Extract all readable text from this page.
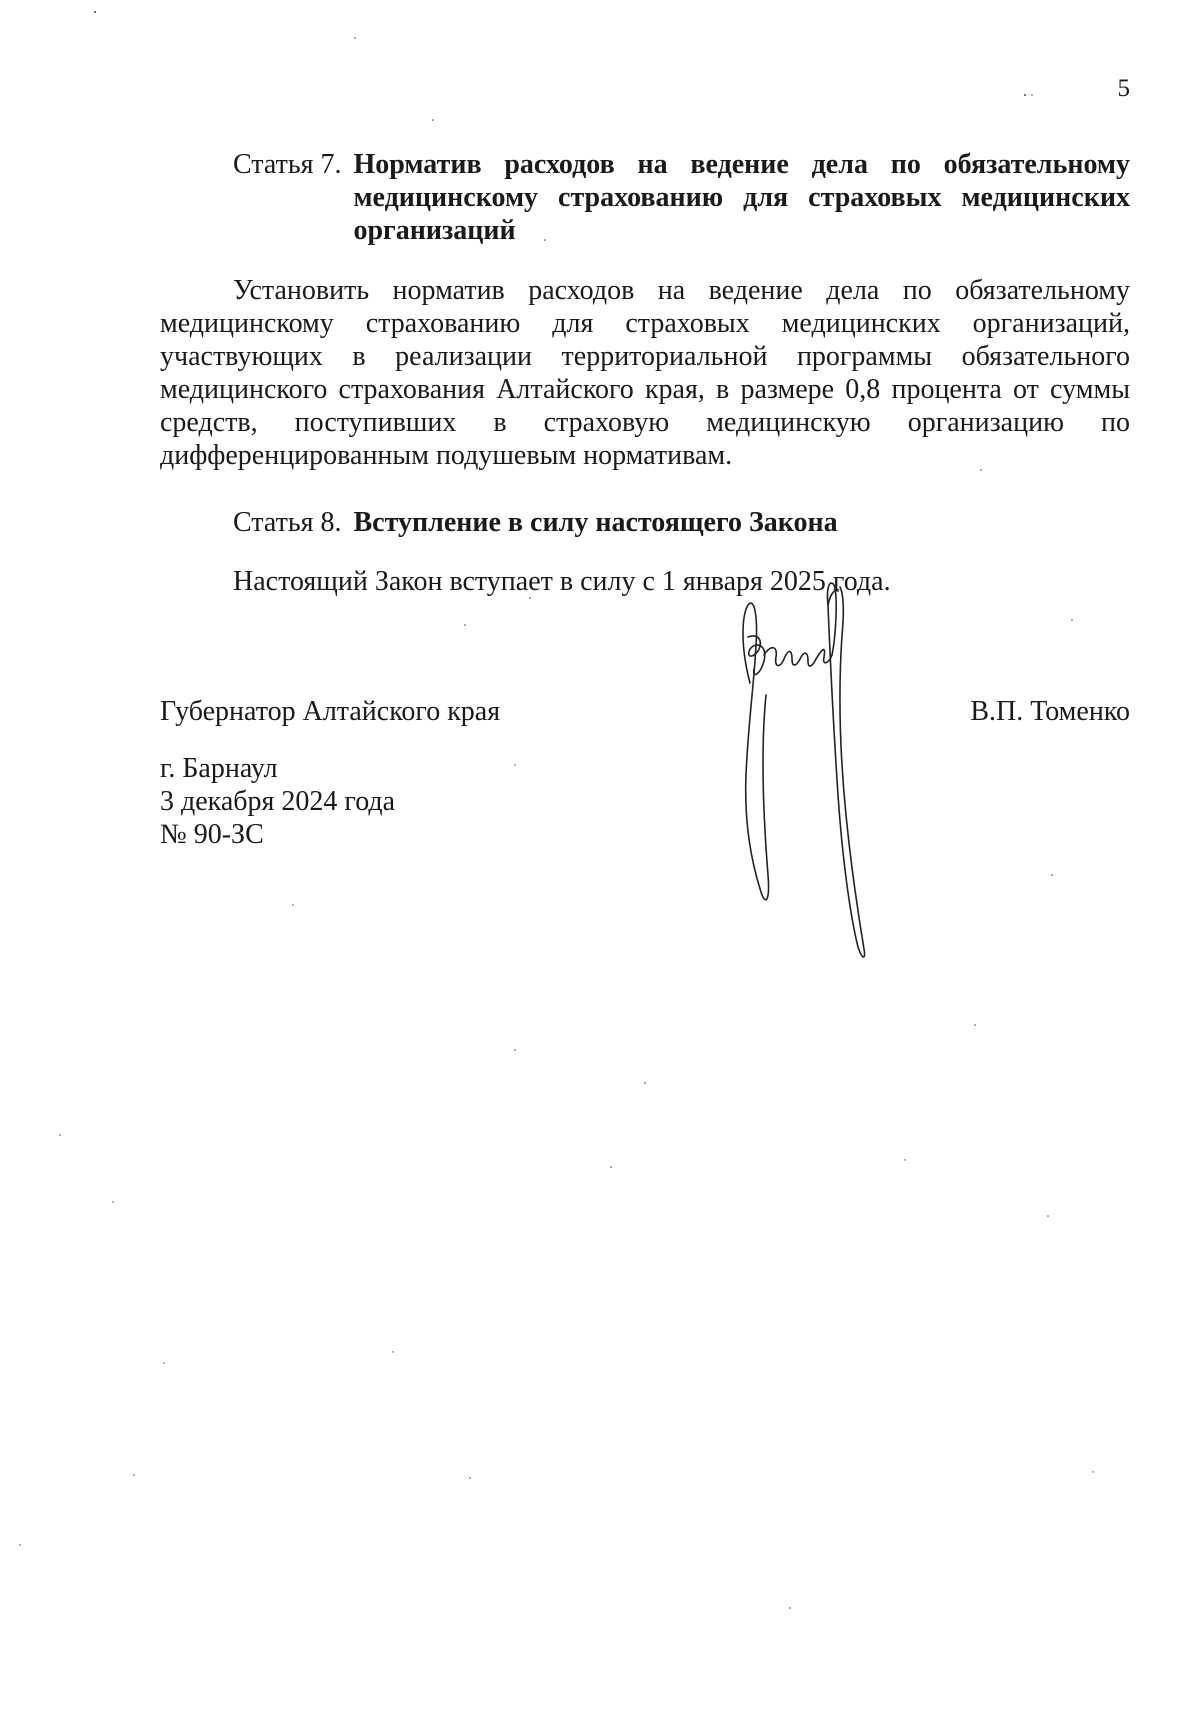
5
Статья 7. Норматив расходов на ведение дела по обязательному медицинскому страхованию для страховых медицинских организаций

Установить норматив расходов на ведение дела по обязательному медицинскому страхованию для страховых медицинских организаций, участвующих в реализации территориальной программы обязательного медицинского страхования Алтайского края, в размере 0,8 процента от суммы средств, поступивших в страховую медицинскую организацию по дифференцированным подушевым нормативам.

Статья 8. Вступление в силу настоящего Закона

Настоящий Закон вступает в силу с 1 января 2025 года.

Губернатор Алтайского края	В.П. Томенко
г. Барнаул
3 декабря 2024 года
№ 90-ЗС
